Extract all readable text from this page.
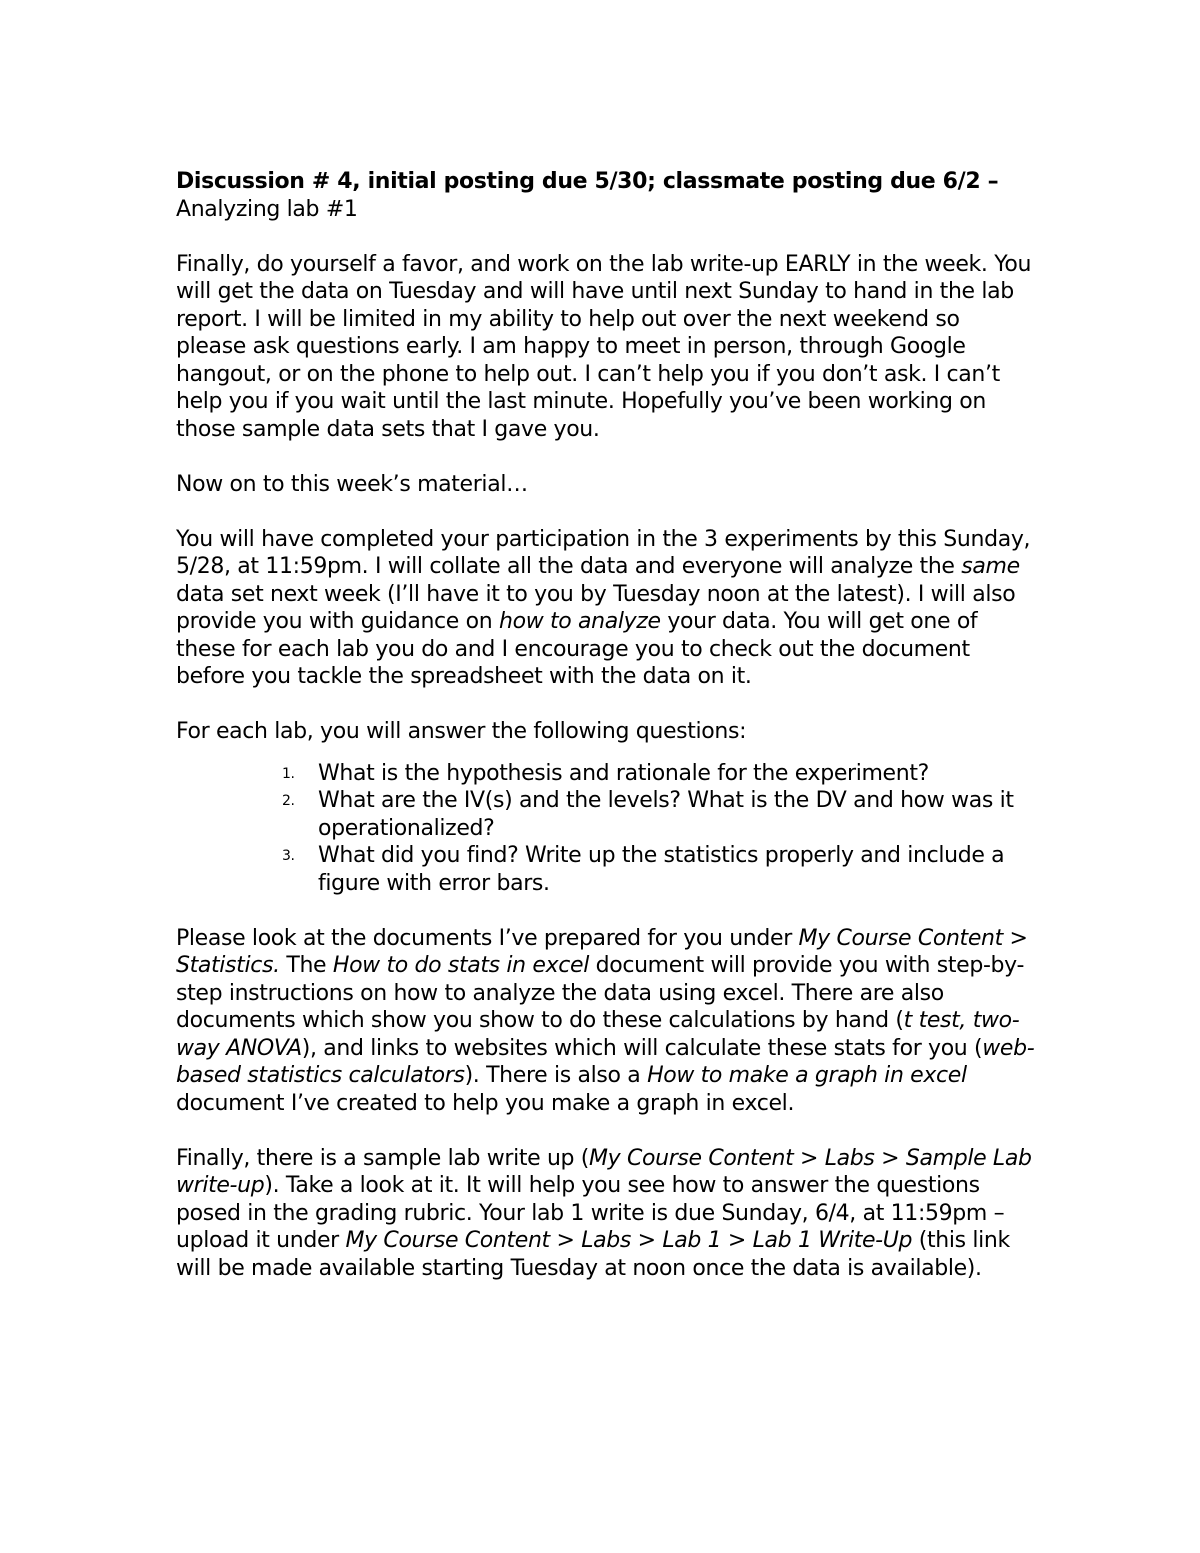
Discussion # 4, initial posting due 5/30; classmate posting due 6/2 – Analyzing lab #1

Finally, do yourself a favor, and work on the lab write-up EARLY in the week. You will get the data on Tuesday and will have until next Sunday to hand in the lab report. I will be limited in my ability to help out over the next weekend so please ask questions early. I am happy to meet in person, through Google hangout, or on the phone to help out. I can’t help you if you don’t ask. I can’t help you if you wait until the last minute. Hopefully you’ve been working on those sample data sets that I gave you.

Now on to this week’s material…

You will have completed your participation in the 3 experiments by this Sunday, 5/28, at 11:59pm. I will collate all the data and everyone will analyze the same data set next week (I’ll have it to you by Tuesday noon at the latest). I will also provide you with guidance on how to analyze your data. You will get one of these for each lab you do and I encourage you to check out the document before you tackle the spreadsheet with the data on it.

For each lab, you will answer the following questions:

1. What is the hypothesis and rationale for the experiment?
2. What are the IV(s) and the levels? What is the DV and how was it operationalized?
3. What did you find? Write up the statistics properly and include a figure with error bars.

Please look at the documents I’ve prepared for you under My Course Content > Statistics. The How to do stats in excel document will provide you with step-by-step instructions on how to analyze the data using excel. There are also documents which show you show to do these calculations by hand (t test, two-way ANOVA), and links to websites which will calculate these stats for you (web-based statistics calculators). There is also a How to make a graph in excel document I’ve created to help you make a graph in excel.

Finally, there is a sample lab write up (My Course Content > Labs > Sample Lab write-up). Take a look at it. It will help you see how to answer the questions posed in the grading rubric. Your lab 1 write is due Sunday, 6/4, at 11:59pm – upload it under My Course Content > Labs > Lab 1 > Lab 1 Write-Up (this link will be made available starting Tuesday at noon once the data is available).
